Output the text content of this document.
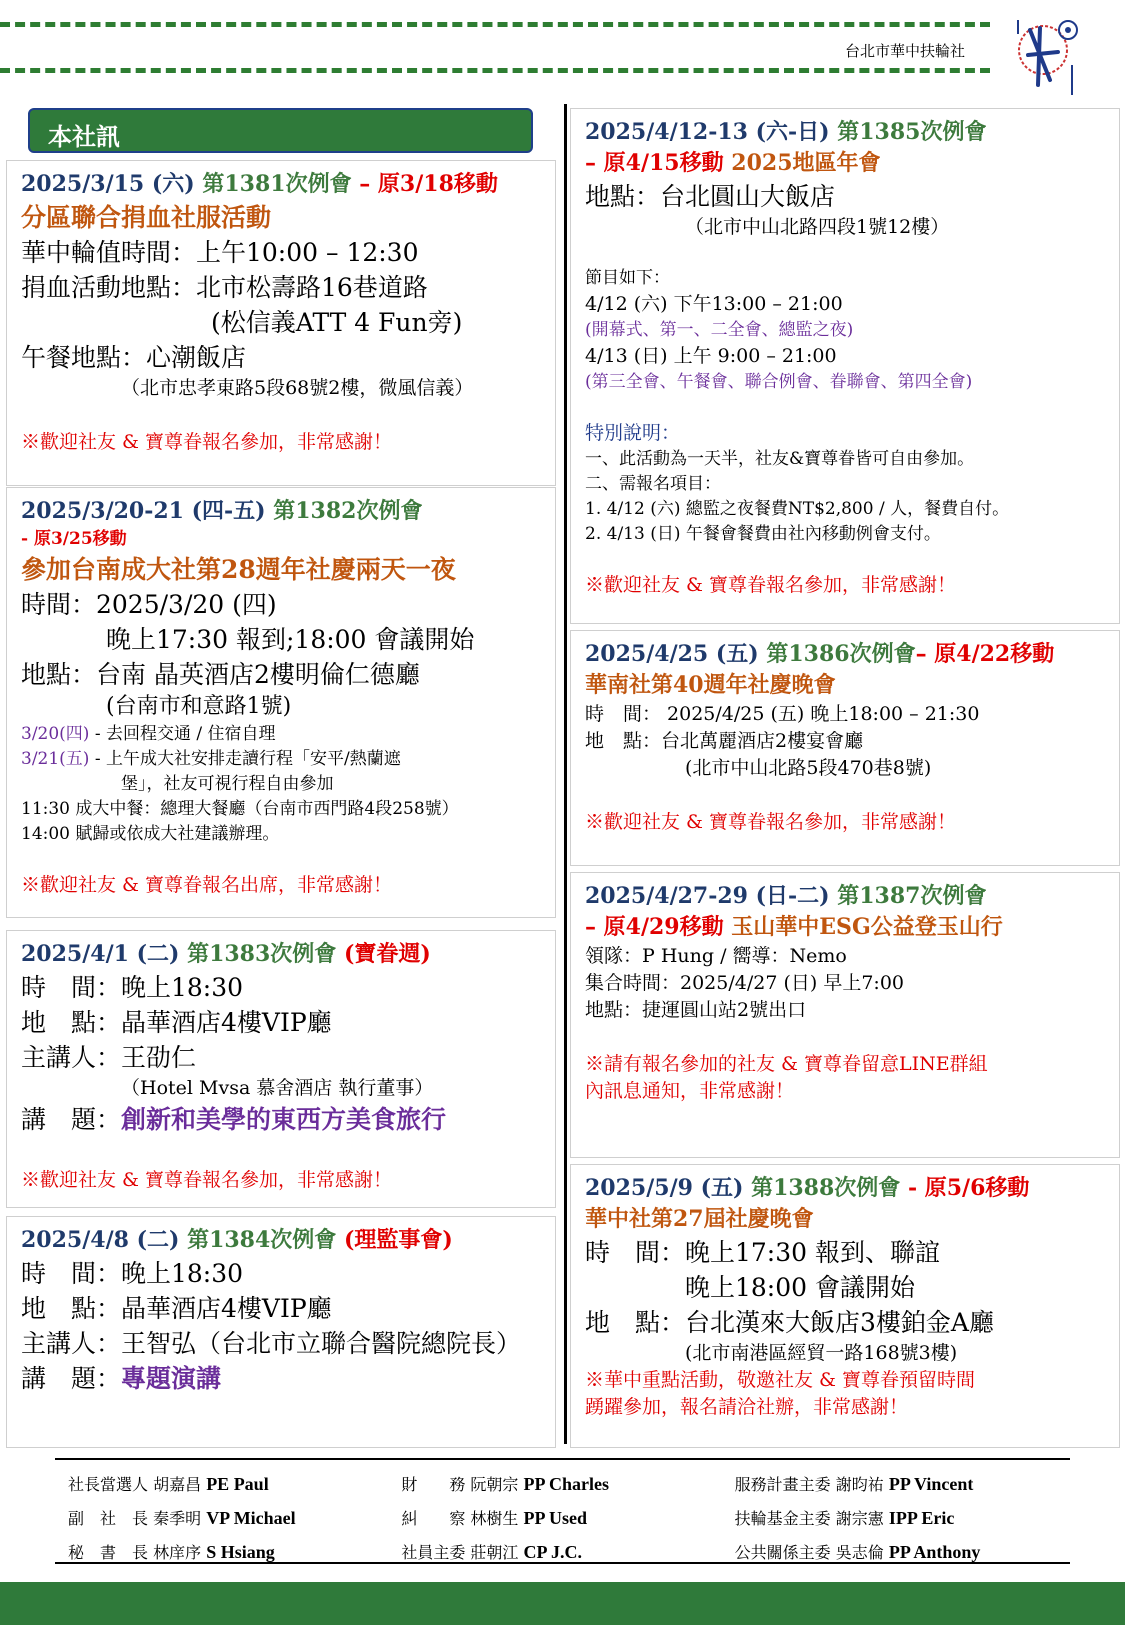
台北市華中扶輪社
本社訊
2025/3/15 (六) 第1381次例會 – 原3/18移動
分區聯合捐血社服活動
華中輪值時間：上午10:00 – 12:30
捐血活動地點：北市松壽路16巷道路
(松信義ATT 4 Fun旁)
午餐地點：心潮飯店
（北市忠孝東路5段68號2樓，微風信義）

※歡迎社友 & 寶尊眷報名參加，非常感謝！
2025/3/20-21 (四-五) 第1382次例會
- 原3/25移動
參加台南成大社第28週年社慶兩天一夜
時間：2025/3/20 (四)
晚上17:30 報到;18:00 會議開始
地點：台南 晶英酒店2樓明倫仁德廳
(台南市和意路1號)
3/20(四) - 去回程交通 / 住宿自理
3/21(五) - 上午成大社安排走讀行程「安平/熱蘭遮
堡」，社友可視行程自由參加
11:30 成大中餐：總理大餐廳（台南市西門路4段258號）
14:00 賦歸或依成大社建議辦理。

※歡迎社友 & 寶尊眷報名出席，非常感謝！
2025/4/1 (二) 第1383次例會 (寶眷週)
時　間：晚上18:30
地　點：晶華酒店4樓VIP廳
主講人：王劭仁
（Hotel Mvsa 慕舍酒店 執行董事）
講　題：創新和美學的東西方美食旅行

※歡迎社友 & 寶尊眷報名參加，非常感謝！
2025/4/8 (二) 第1384次例會 (理監事會)
時　間：晚上18:30
地　點：晶華酒店4樓VIP廳
主講人：王智弘（台北市立聯合醫院總院長）
講　題：專題演講
2025/4/12-13 (六-日) 第1385次例會
– 原4/15移動 2025地區年會
地點：台北圓山大飯店
（北市中山北路四段1號12樓）

節目如下：
4/12 (六) 下午13:00 – 21:00
(開幕式、第一、二全會、總監之夜)
4/13 (日) 上午 9:00 – 21:00
(第三全會、午餐會、聯合例會、眷聯會、第四全會)

特別說明：
一、此活動為一天半，社友&寶尊眷皆可自由參加。
二、需報名項目：
1. 4/12 (六) 總監之夜餐費NT$2,800 / 人，餐費自付。
2. 4/13 (日) 午餐會餐費由社內移動例會支付。

※歡迎社友 & 寶尊眷報名參加，非常感謝！
2025/4/25 (五) 第1386次例會– 原4/22移動
華南社第40週年社慶晚會
時　間： 2025/4/25 (五) 晚上18:00 – 21:30
地　點：台北萬麗酒店2樓宴會廳
(北市中山北路5段470巷8號)

※歡迎社友 & 寶尊眷報名參加，非常感謝！
2025/4/27-29 (日-二) 第1387次例會
– 原4/29移動 玉山華中ESG公益登玉山行
領隊：P Hung / 嚮導：Nemo
集合時間：2025/4/27 (日) 早上7:00
地點：捷運圓山站2號出口

※請有報名參加的社友 & 寶尊眷留意LINE群組
內訊息通知，非常感謝！
2025/5/9 (五) 第1388次例會 - 原5/6移動
華中社第27屆社慶晚會
時　間：晚上17:30 報到、聯誼
晚上18:00 會議開始
地　點：台北漢來大飯店3樓鉑金A廳
(北市南港區經貿一路168號3樓)
※華中重點活動，敬邀社友 & 寶尊眷預留時間
踴躍參加，報名請洽社辦，非常感謝！
社長當選人 胡嘉昌 PE Paul	財　　務 阮朝宗 PP Charles	服務計畫主委 謝昀祐 PP Vincent
副　社　長 秦季明 VP Michael	糾　　察 林樹生 PP Used	扶輪基金主委 謝宗憲 IPP Eric
秘　書　長 林庠序 S Hsiang	社員主委 莊朝江 CP J.C.	公共關係主委 吳志倫 PP Anthony
